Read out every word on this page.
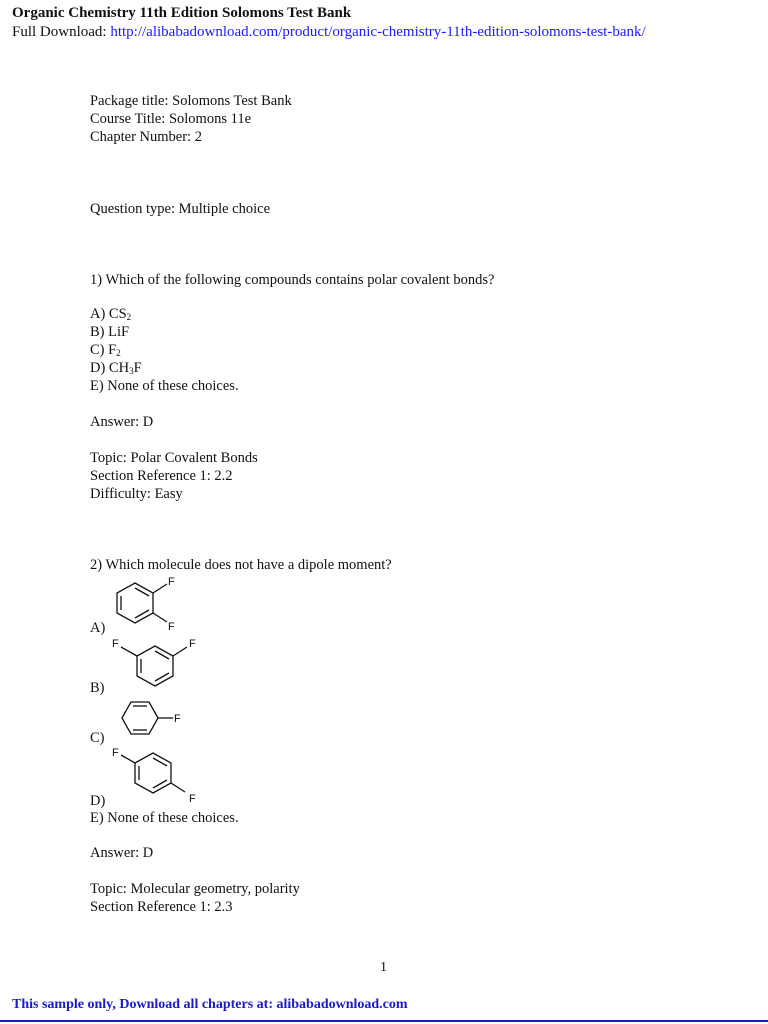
Organic Chemistry 11th Edition Solomons Test Bank
Full Download: http://alibabadownload.com/product/organic-chemistry-11th-edition-solomons-test-bank/
Package title: Solomons Test Bank
Course Title: Solomons 11e
Chapter Number: 2
Question type: Multiple choice
1) Which of the following compounds contains polar covalent bonds?
A) $CS_2$
B) LiF
C) $F_2$
D) $CH_3F$
E) None of these choices.
Answer: D
Topic: Polar Covalent Bonds
Section Reference 1: 2.2
Difficulty: Easy
2) Which molecule does not have a dipole moment?
A)
F
F
B)
F	F
C)
F
D)
F
F
E) None of these choices.
Answer: D
Topic: Molecular geometry, polarity
Section Reference 1: 2.3
1
This sample only, Download all chapters at: alibabadownload.com
